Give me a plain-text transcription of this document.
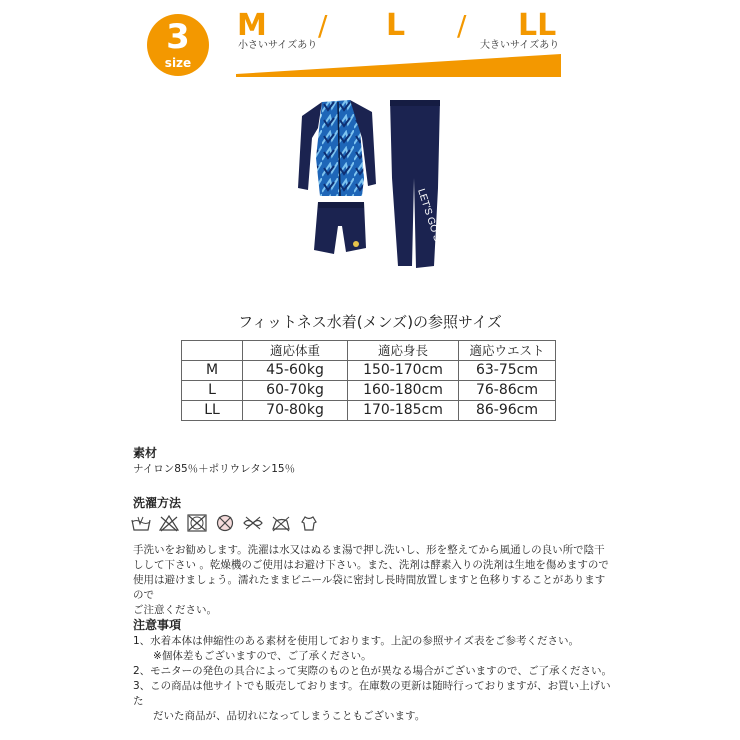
3
size
M / L / LL
小さいサイズあり	大きいサイズあり
LET'S GO SURFING
フィットネス水着(メンズ)の参照サイズ
	適応体重	適応身長	適応ウエスト
M	45-60kg	150-170cm	63-75cm
L	60-70kg	160-180cm	76-86cm
LL	70-80kg	170-185cm	86-96cm
素材
ナイロン85％＋ポリウレタン15％
洗濯方法
手洗いをお勧めします。洗濯は水又はぬるま湯で押し洗いし、形を整えてから風通しの良い所で陰干
しして下さい 。乾燥機のご使用はお避け下さい。また、洗剤は酵素入りの洗剤は生地を傷めますので
使用は避けましょう。濡れたままビニール袋に密封し長時間放置しますと色移りすることがありますので
ご注意ください。
注意事項
1、水着本体は伸縮性のある素材を使用しております。上記の参照サイズ表をご参考ください。
※個体差もございますので、ご了承ください。
2、モニターの発色の具合によって実際のものと色が異なる場合がございますので、ご了承ください。
3、この商品は他サイトでも販売しております。在庫数の更新は随時行っておりますが、お買い上げいた
だいた商品が、品切れになってしまうこともございます。
